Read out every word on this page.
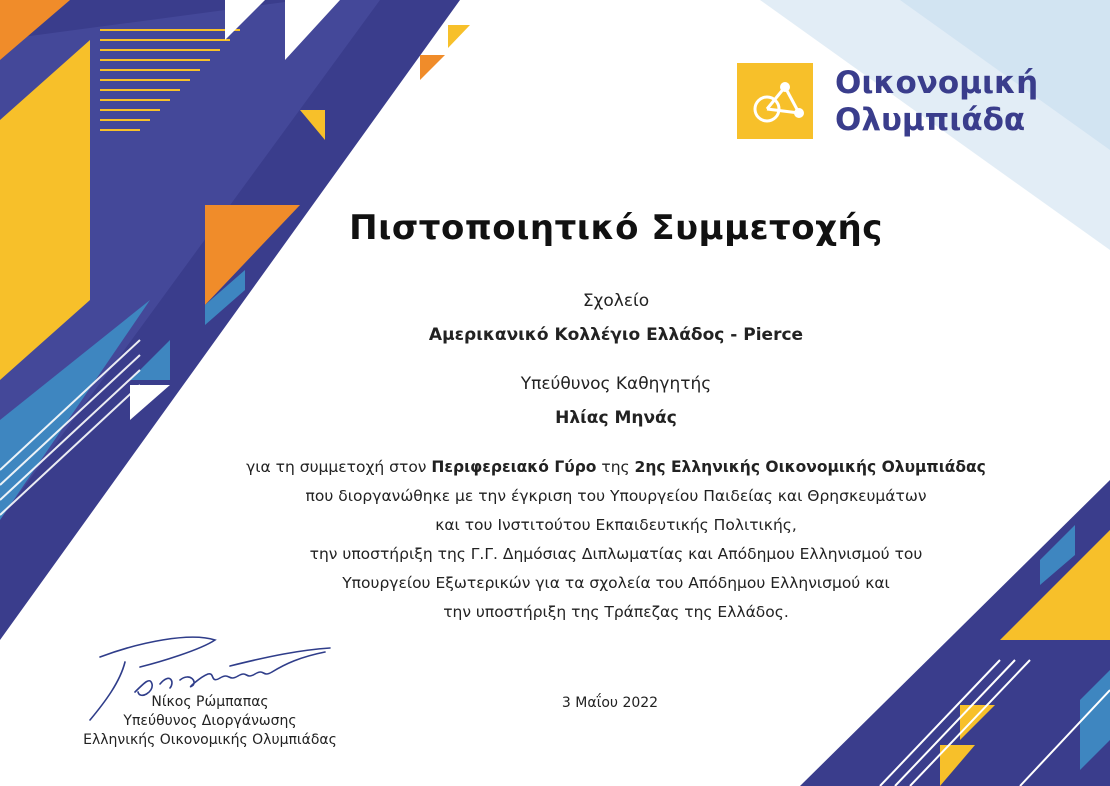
Οικονομική
Ολυμπιάδα
Πιστοποιητικό Συμμετοχής
Σχολείο
Αμερικανικό Κολλέγιο Ελλάδος - Pierce
Υπεύθυνος Καθηγητής
Ηλίας Μηνάς
για τη συμμετοχή στον Περιφερειακό Γύρο της 2ης Ελληνικής Οικονομικής Ολυμπιάδας
που διοργανώθηκε με την έγκριση του Υπουργείου Παιδείας και Θρησκευμάτων
και του Ινστιτούτου Εκπαιδευτικής Πολιτικής,
την υποστήριξη της Γ.Γ. Δημόσιας Διπλωματίας και Απόδημου Ελληνισμού του
Υπουργείου Εξωτερικών για τα σχολεία του Απόδημου Ελληνισμού και
την υποστήριξη της Τράπεζας της Ελλάδος.
Νίκος Ρώμπαπας
Υπεύθυνος Διοργάνωσης
Ελληνικής Οικονομικής Ολυμπιάδας
3 Μαΐου 2022
